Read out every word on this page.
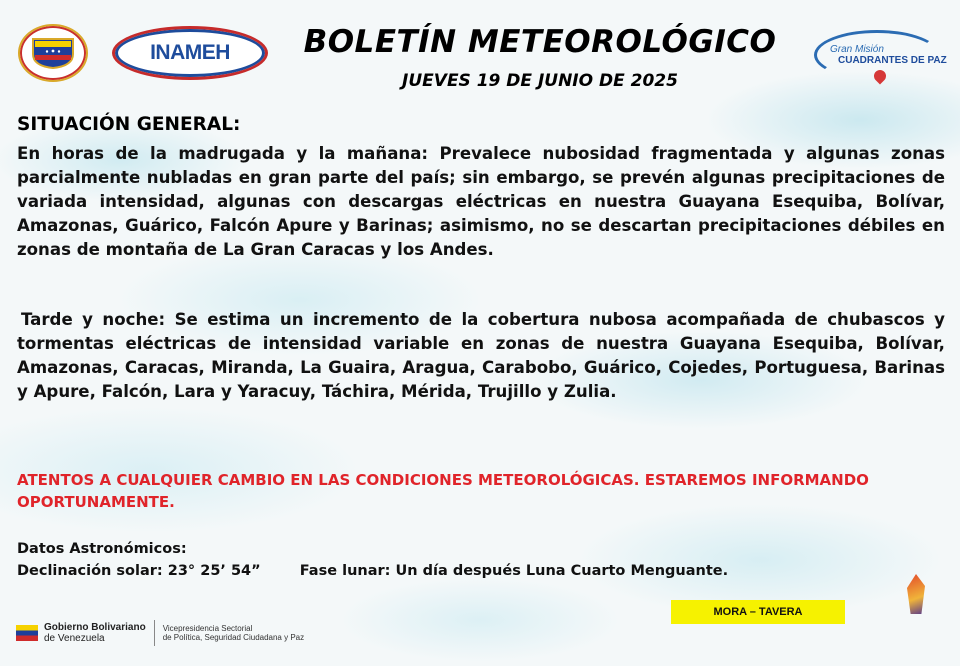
INAMEH	BOLETÍN METEOROLÓGICO
JUEVES 19 DE JUNIO DE 2025
Gran Misión
CUADRANTES DE PAZ
SITUACIÓN GENERAL:

En horas de la madrugada y la mañana: Prevalece nubosidad fragmentada y algunas zonas parcialmente nubladas en gran parte del país; sin embargo, se prevén algunas precipitaciones de variada intensidad, algunas con descargas eléctricas en nuestra Guayana Esequiba, Bolívar, Amazonas, Guárico, Falcón Apure y Barinas; asimismo, no se descartan precipitaciones débiles en zonas de montaña de La Gran Caracas y los Andes.

Tarde y noche: Se estima un incremento de la cobertura nubosa acompañada de chubascos y tormentas eléctricas de intensidad variable en zonas de nuestra Guayana Esequiba, Bolívar, Amazonas, Caracas, Miranda, La Guaira, Aragua, Carabobo, Guárico, Cojedes, Portuguesa, Barinas y Apure, Falcón, Lara y Yaracuy, Táchira, Mérida, Trujillo y Zulia.

ATENTOS A CUALQUIER CAMBIO EN LAS CONDICIONES METEOROLÓGICAS. ESTAREMOS INFORMANDO OPORTUNAMENTE.

Datos Astronómicos:
Declinación solar: 23° 25’ 54”	Fase lunar: Un día después Luna Cuarto Menguante.
MORA – TAVERA
Gobierno Bolivariano
de Venezuela
Vicepresidencia Sectorial
de Política, Seguridad Ciudadana y Paz
